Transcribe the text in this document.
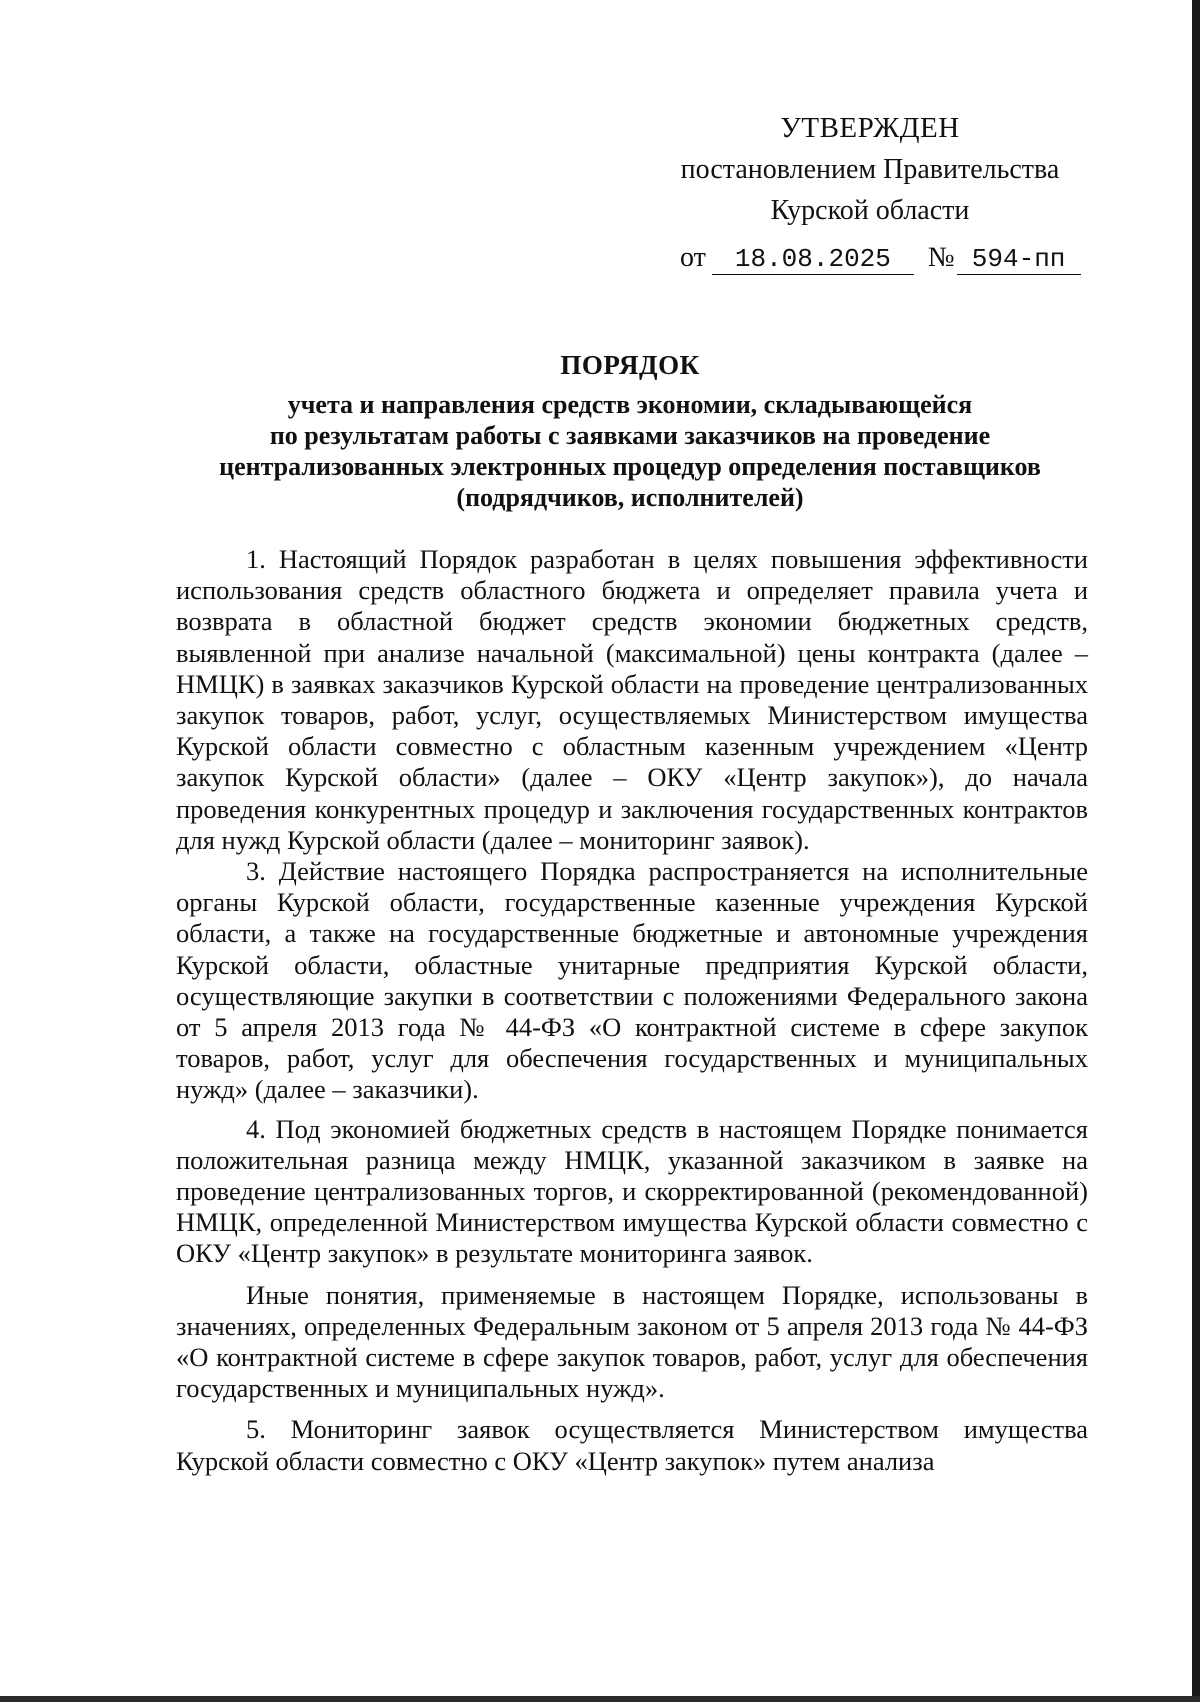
УТВЕРЖДЕН
постановлением Правительства
Курской области
от 18.08.2025 № 594-пп
ПОРЯДОК
учета и направления средств экономии, складывающейся
по результатам работы с заявками заказчиков на проведение
централизованных электронных процедур определения поставщиков
(подрядчиков, исполнителей)

1. Настоящий Порядок разработан в целях повышения эффективности использования средств областного бюджета и определяет правила учета и возврата в областной бюджет средств экономии бюджетных средств, выявленной при анализе начальной (максимальной) цены контракта (далее – НМЦК) в заявках заказчиков Курской области на проведение централизованных закупок товаров, работ, услуг, осуществляемых Министерством имущества Курской области совместно с областным казенным учреждением «Центр закупок Курской области» (далее – ОКУ «Центр закупок»), до начала проведения конкурентных процедур и заключения государственных контрактов для нужд Курской области (далее – мониторинг заявок).

3. Действие настоящего Порядка распространяется на исполнительные органы Курской области, государственные казенные учреждения Курской области, а также на государственные бюджетные и автономные учреждения Курской области, областные унитарные предприятия Курской области, осуществляющие закупки в соответствии с положениями Федерального закона от 5 апреля 2013 года № 44-ФЗ «О контрактной системе в сфере закупок товаров, работ, услуг для обеспечения государственных и муниципальных нужд» (далее – заказчики).

4. Под экономией бюджетных средств в настоящем Порядке понимается положительная разница между НМЦК, указанной заказчиком в заявке на проведение централизованных торгов, и скорректированной (рекомендованной) НМЦК, определенной Министерством имущества Курской области совместно с ОКУ «Центр закупок» в результате мониторинга заявок.

Иные понятия, применяемые в настоящем Порядке, использованы в значениях, определенных Федеральным законом от 5 апреля 2013 года № 44-ФЗ «О контрактной системе в сфере закупок товаров, работ, услуг для обеспечения государственных и муниципальных нужд».

5. Мониторинг заявок осуществляется Министерством имущества Курской области совместно с ОКУ «Центр закупок» путем анализа
